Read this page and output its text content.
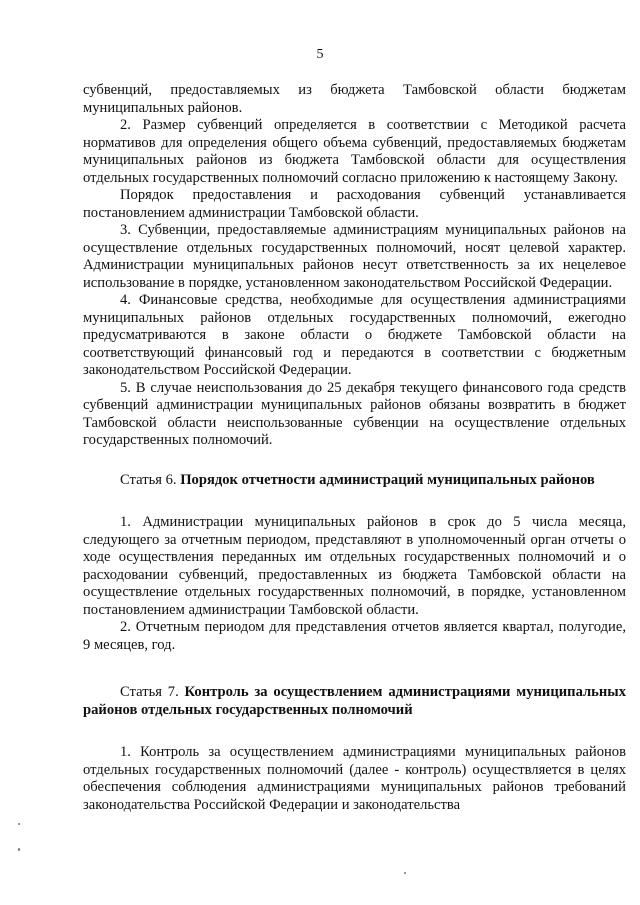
5

субвенций, предоставляемых из бюджета Тамбовской области бюджетам муниципальных районов.

2. Размер субвенций определяется в соответствии с Методикой расчета нормативов для определения общего объема субвенций, предоставляемых бюджетам муниципальных районов из бюджета Тамбовской области для осуществления отдельных государственных полномочий согласно приложению к настоящему Закону.

Порядок предоставления и расходования субвенций устанавливается постановлением администрации Тамбовской области.

3. Субвенции, предоставляемые администрациям муниципальных районов на осуществление отдельных государственных полномочий, носят целевой характер. Администрации муниципальных районов несут ответственность за их нецелевое использование в порядке, установленном законодательством Российской Федерации.

4. Финансовые средства, необходимые для осуществления администрациями муниципальных районов отдельных государственных полномочий, ежегодно предусматриваются в законе области о бюджете Тамбовской области на соответствующий финансовый год и передаются в соответствии с бюджетным законодательством Российской Федерации.

5. В случае неиспользования до 25 декабря текущего финансового года средств субвенций администрации муниципальных районов обязаны возвратить в бюджет Тамбовской области неиспользованные субвенции на осуществление отдельных государственных полномочий.

Статья 6. Порядок отчетности администраций муниципальных районов

1. Администрации муниципальных районов в срок до 5 числа месяца, следующего за отчетным периодом, представляют в уполномоченный орган отчеты о ходе осуществления переданных им отдельных государственных полномочий и о расходовании субвенций, предоставленных из бюджета Тамбовской области на осуществление отдельных государственных полномочий, в порядке, установленном постановлением администрации Тамбовской области.

2. Отчетным периодом для представления отчетов является квартал, полугодие, 9 месяцев, год.

Статья 7. Контроль за осуществлением администрациями муниципальных районов отдельных государственных полномочий

1. Контроль за осуществлением администрациями муниципальных районов отдельных государственных полномочий (далее - контроль) осуществляется в целях обеспечения соблюдения администрациями муниципальных районов требований законодательства Российской Федерации и законодательства
